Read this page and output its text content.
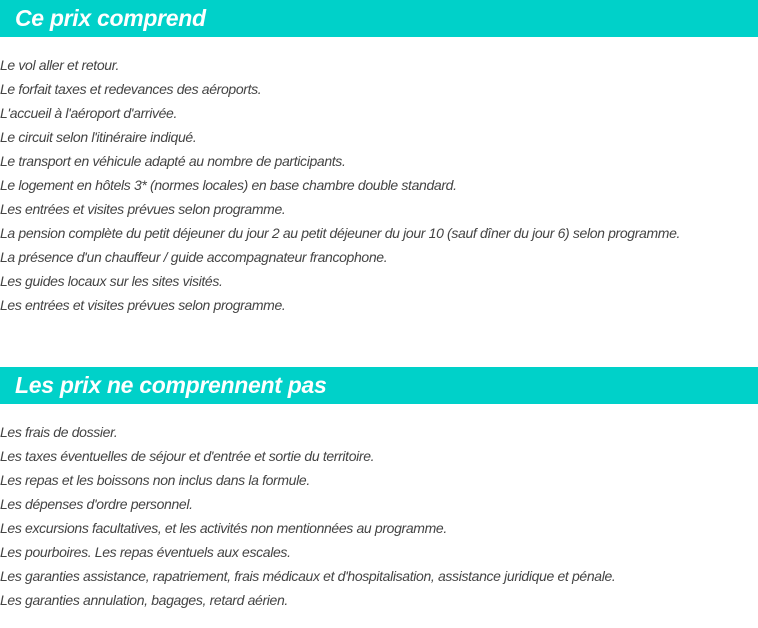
Ce prix comprend
Le vol aller et retour.
Le forfait taxes et redevances des aéroports.
L'accueil à l'aéroport d'arrivée.
Le circuit selon l'itinéraire indiqué.
Le transport en véhicule adapté au nombre de participants.
Le logement en hôtels 3* (normes locales) en base chambre double standard.
Les entrées et visites prévues selon programme.
La pension complète du petit déjeuner du jour 2 au petit déjeuner du jour 10 (sauf dîner du jour 6) selon programme.
La présence d'un chauffeur / guide accompagnateur francophone.
Les guides locaux sur les sites visités.
Les entrées et visites prévues selon programme.
Les prix ne comprennent pas
Les frais de dossier.
Les taxes éventuelles de séjour et d'entrée et sortie du territoire.
Les repas et les boissons non inclus dans la formule.
Les dépenses d'ordre personnel.
Les excursions facultatives, et les activités non mentionnées au programme.
Les pourboires. Les repas éventuels aux escales.
Les garanties assistance, rapatriement, frais médicaux et d'hospitalisation, assistance juridique et pénale.
Les garanties annulation, bagages, retard aérien.
